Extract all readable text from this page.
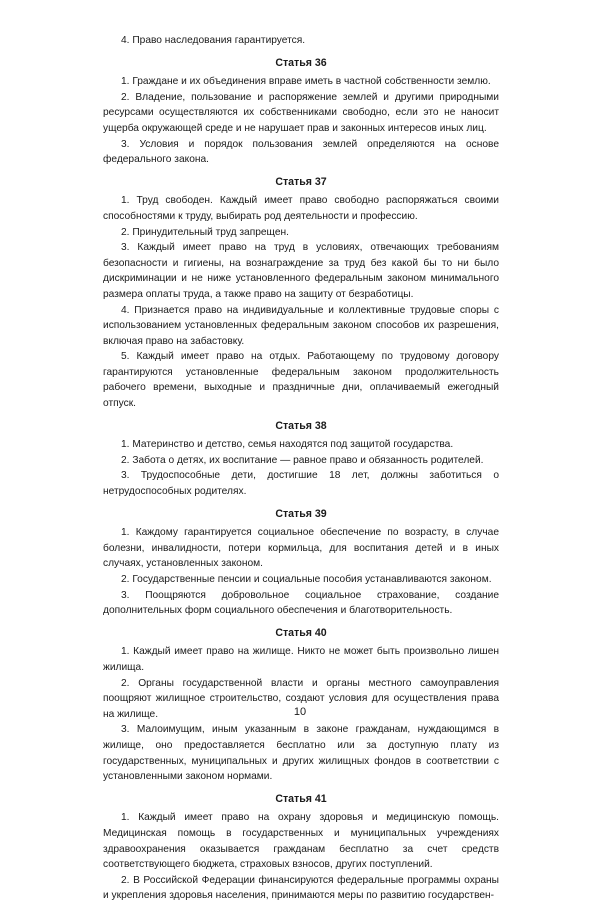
4. Право наследования гарантируется.

Статья 36

1. Граждане и их объединения вправе иметь в частной собственности землю.

2. Владение, пользование и распоряжение землей и другими природными ресурсами осуществляются их собственниками свободно, если это не наносит ущерба окружающей среде и не нарушает прав и законных интересов иных лиц.

3. Условия и порядок пользования землей определяются на основе федерального закона.

Статья 37

1. Труд свободен. Каждый имеет право свободно распоряжаться своими способностями к труду, выбирать род деятельности и профессию.

2. Принудительный труд запрещен.

3. Каждый имеет право на труд в условиях, отвечающих требованиям безопасности и гигиены, на вознаграждение за труд без какой бы то ни было дискриминации и не ниже установленного федеральным законом минимального размера оплаты труда, а также право на защиту от безработицы.

4. Признается право на индивидуальные и коллективные трудовые споры с использованием установленных федеральным законом способов их разрешения, включая право на забастовку.

5. Каждый имеет право на отдых. Работающему по трудовому договору гарантируются установленные федеральным законом продолжительность рабочего времени, выходные и праздничные дни, оплачиваемый ежегодный отпуск.

Статья 38

1. Материнство и детство, семья находятся под защитой государства.

2. Забота о детях, их воспитание — равное право и обязанность родителей.

3. Трудоспособные дети, достигшие 18 лет, должны заботиться о нетрудоспособных родителях.

Статья 39

1. Каждому гарантируется социальное обеспечение по возрасту, в случае болезни, инвалидности, потери кормильца, для воспитания детей и в иных случаях, установленных законом.

2. Государственные пенсии и социальные пособия устанавливаются законом.

3. Поощряются добровольное социальное страхование, создание дополнительных форм социального обеспечения и благотворительность.

Статья 40

1. Каждый имеет право на жилище. Никто не может быть произвольно лишен жилища.

2. Органы государственной власти и органы местного самоуправления поощряют жилищное строительство, создают условия для осуществления права на жилище.

3. Малоимущим, иным указанным в законе гражданам, нуждающимся в жилище, оно предоставляется бесплатно или за доступную плату из государственных, муниципальных и других жилищных фондов в соответствии с установленными законом нормами.

Статья 41

1. Каждый имеет право на охрану здоровья и медицинскую помощь. Медицинская помощь в государственных и муниципальных учреждениях здравоохранения оказывается гражданам бесплатно за счет средств соответствующего бюджета, страховых взносов, других поступлений.

2. В Российской Федерации финансируются федеральные программы охраны и укрепления здоровья населения, принимаются меры по развитию государствен-

10
